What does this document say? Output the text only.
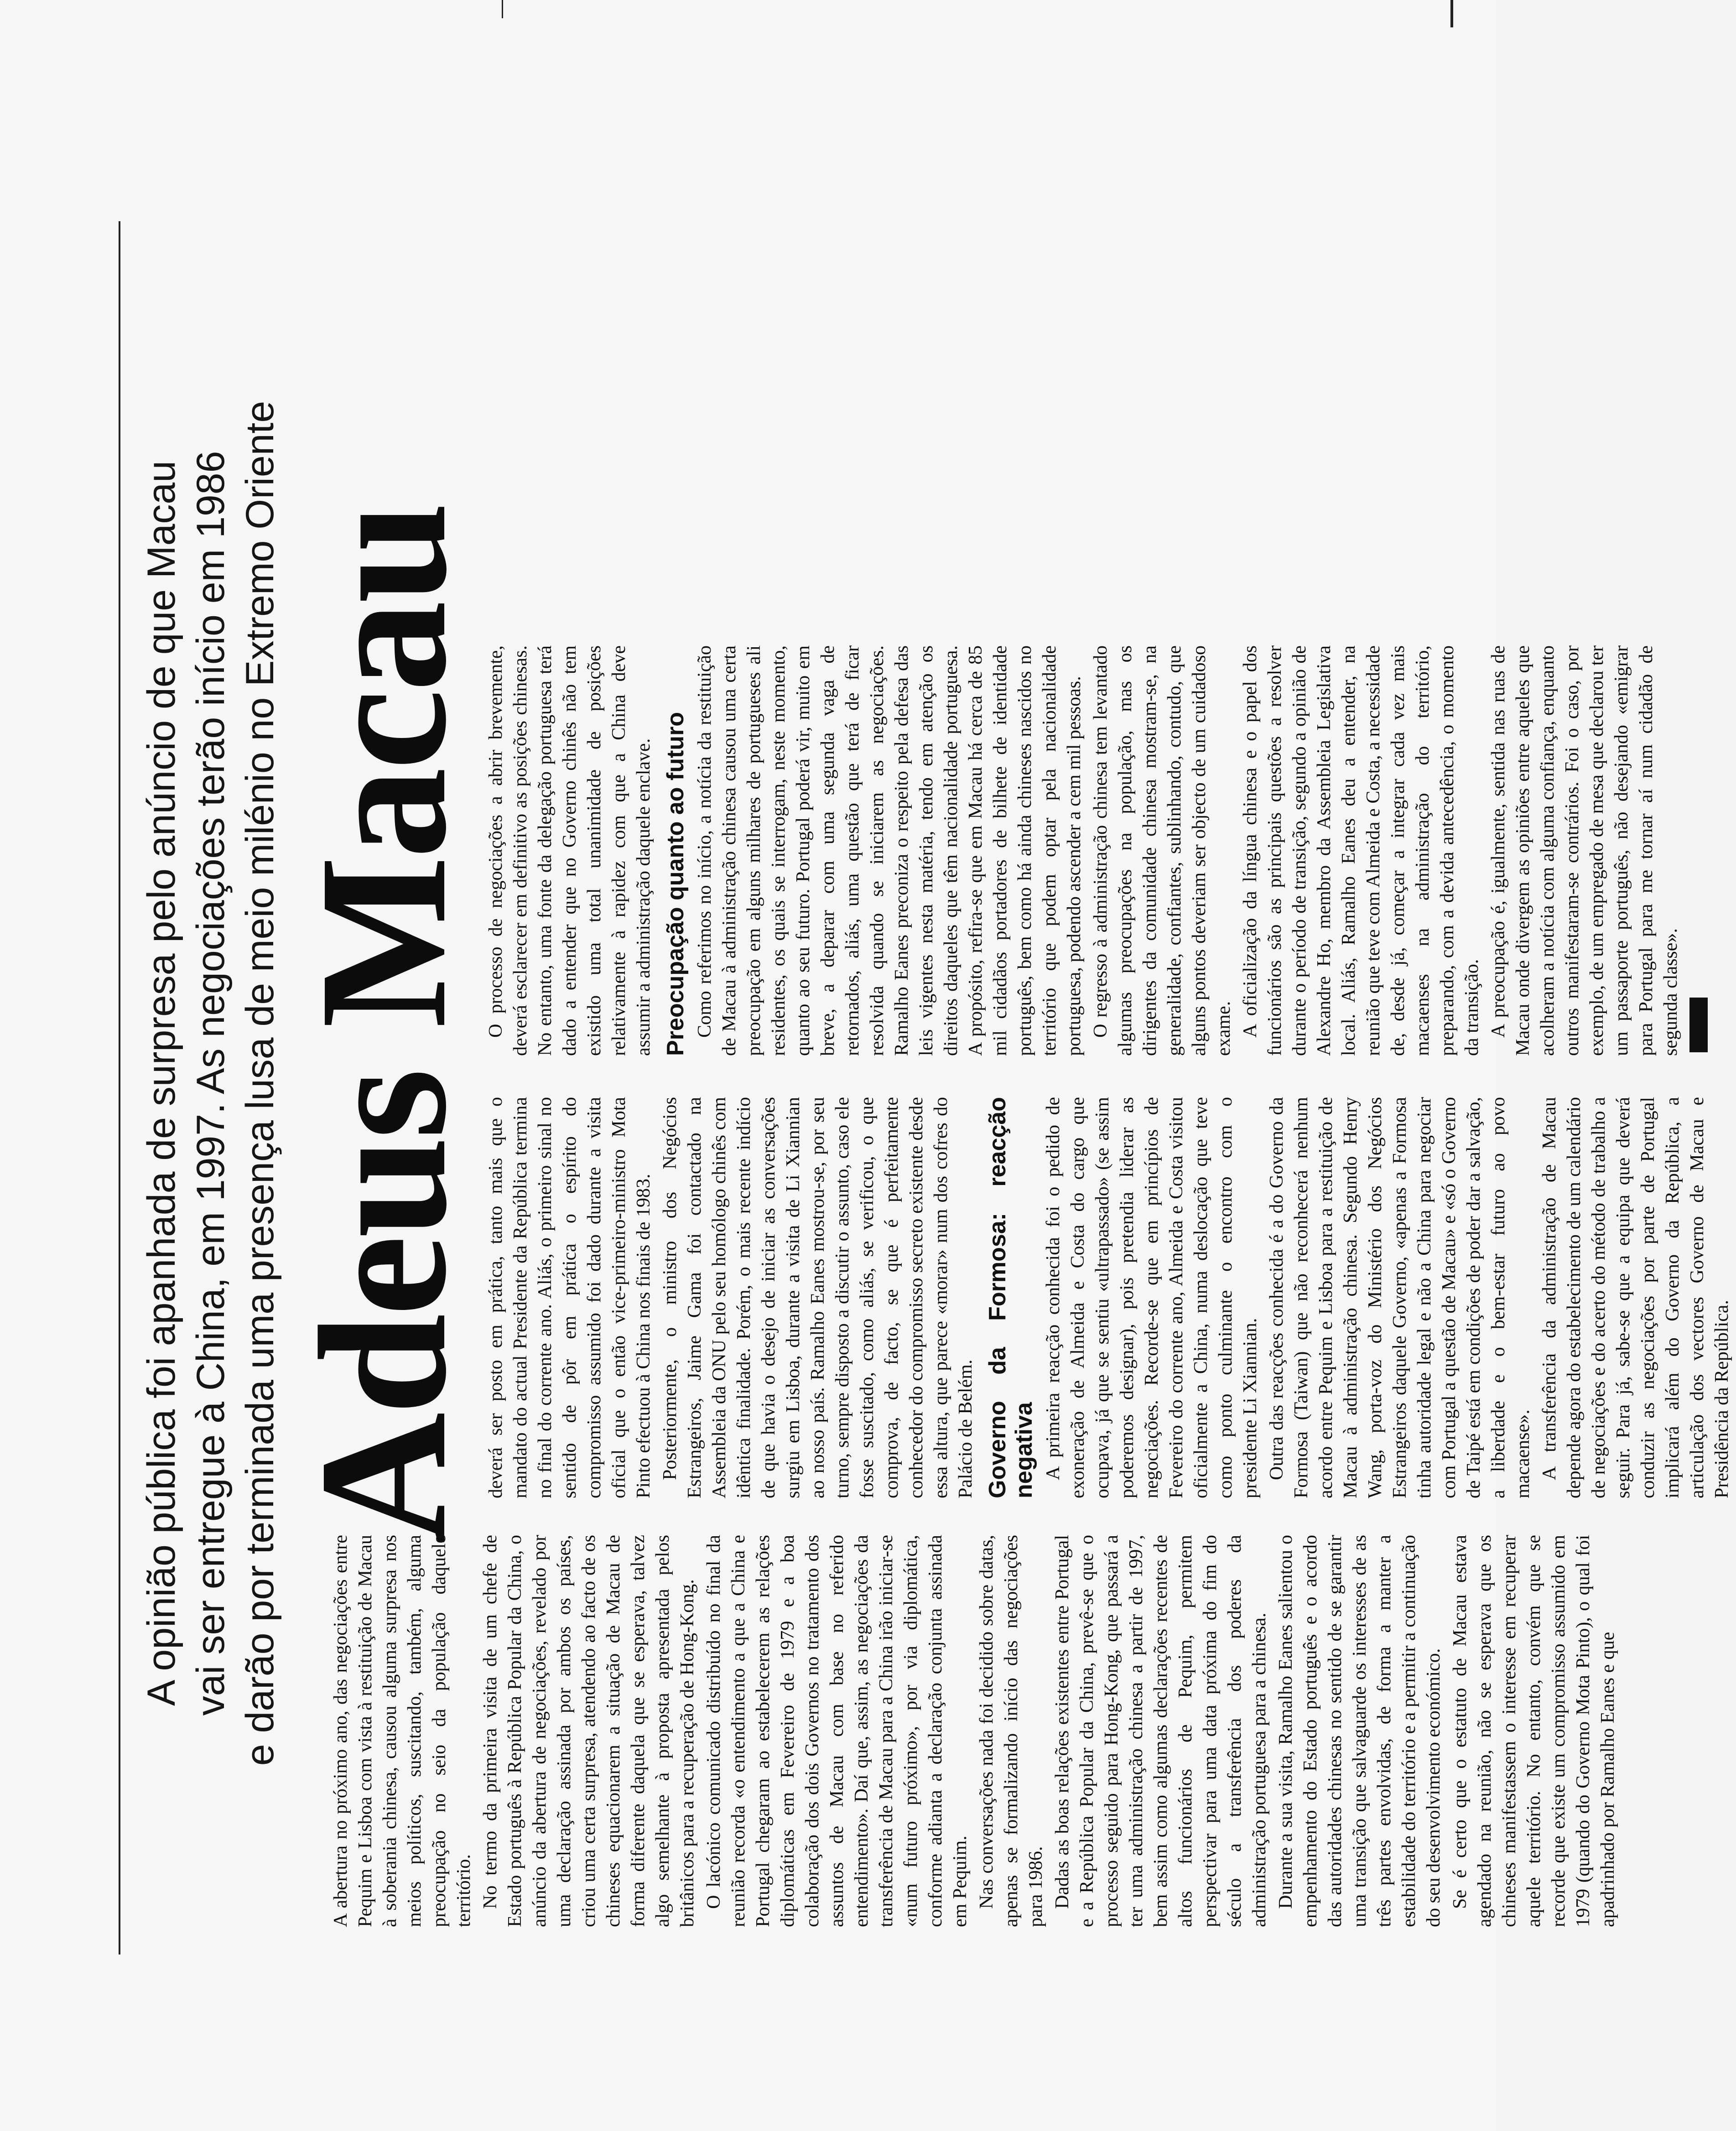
A opinião pública foi apanhada de surpresa pelo anúncio de que Macau vai ser entregue à China, em 1997. As negociações terão início em 1986 e darão por terminada uma presença lusa de meio milénio no Extremo Oriente Adeus Macau

A abertura no próximo ano, das negociações entre Pequim e Lisboa com vista à restituição de Macau à soberania chinesa, causou alguma surpresa nos meios políticos, suscitando, também, alguma preocupação no seio da população daquele território. No termo da primeira visita de um chefe de Estado português à República Popular da China, o anúncio da abertura de negociações, revelado por uma declaração assinada por ambos os países, criou uma certa surpresa, atendendo ao facto de os chineses equacionarem a situação de Macau de forma diferente daquela que se esperava, talvez algo semelhante à proposta apresentada pelos britânicos para a recuperação de Hong-Kong. O lacónico comunicado distribuído no final da reunião recorda «o entendimento a que a China e Portugal chegaram ao estabelecerem as relações diplomáticas em Fevereiro de 1979 e a boa colaboração dos dois Governos no tratamento dos assuntos de Macau com base no referido entendimento». Daí que, assim, as negociações da transferência de Macau para a China irão iniciar-se «num futuro próximo», por via diplomática, conforme adianta a declaração conjunta assinada em Pequim. Nas conversações nada foi decidido sobre datas, apenas se formalizando início das negociações para 1986. Dadas as boas relações existentes entre Portugal e a República Popular da China, prevê-se que o processo seguido para Hong-Kong, que passará a ter uma administração chinesa a partir de 1997, bem assim como algumas declarações recentes de altos funcionários de Pequim, permitem perspectivar para uma data próxima do fim do século a transferência dos poderes da administração portuguesa para a chinesa. Durante a sua visita, Ramalho Eanes salientou o empenhamento do Estado português e o acordo das autoridades chinesas no sentido de se garantir uma transição que salvaguarde os interesses de as três partes envolvidas, de forma a manter a estabilidade do território e a permitir a continuação do seu desenvolvimento económico. Se é certo que o estatuto de Macau estava agendado na reunião, não se esperava que os chineses manifestassem o interesse em recuperar aquele território. No entanto, convém que se recorde que existe um compromisso assumido em 1979 (quando do Governo Mota Pinto), o qual foi apadrinhado por Ramalho Eanes e que

deverá ser posto em prática, tanto mais que o mandato do actual Presidente da República termina no final do corrente ano. Aliás, o primeiro sinal no sentido de pôr em prática o espírito do compromisso assumido foi dado durante a visita oficial que o então vice-primeiro-ministro Mota Pinto efectuou à China nos finais de 1983. Posteriormente, o ministro dos Negócios Estrangeiros, Jaime Gama foi contactado na Assembleia da ONU pelo seu homólogo chinês com idêntica finalidade. Porém, o mais recente indício de que havia o desejo de iniciar as conversações surgiu em Lisboa, durante a visita de Li Xiannian ao nosso país. Ramalho Eanes mostrou-se, por seu turno, sempre disposto a discutir o assunto, caso ele fosse suscitado, como aliás, se verificou, o que comprova, de facto, se que é perfeitamente conhecedor do compromisso secreto existente desde essa altura, que parece «morar» num dos cofres do Palácio de Belém. Governo da Formosa: reacção negativa A primeira reacção conhecida foi o pedido de exoneração de Almeida e Costa do cargo que ocupava, já que se sentiu «ultrapassado» (se assim poderemos designar), pois pretendia liderar as negociações. Recorde-se que em princípios de Fevereiro do corrente ano, Almeida e Costa visitou oficialmente a China, numa deslocação que teve como ponto culminante o encontro com o presidente Li Xiannian. Outra das reacções conhecida é a do Governo da Formosa (Taiwan) que não reconhecerá nenhum acordo entre Pequim e Lisboa para a restituição de Macau à administração chinesa. Segundo Henry Wang, porta-voz do Ministério dos Negócios Estrangeiros daquele Governo, «apenas a Formosa tinha autoridade legal e não a China para negociar com Portugal a questão de Macau» e «só o Governo de Taipé está em condições de poder dar a salvação, a liberdade e o bem-estar futuro ao povo macaense». A transferência da administração de Macau depende agora do estabelecimento de um calendário de negociações e do acerto do método de trabalho a seguir. Para já, sabe-se que a equipa que deverá conduzir as negociações por parte de Portugal implicará além do Governo da República, a articulação dos vectores Governo de Macau e Presidência da República.

O processo de negociações a abrir brevemente, deverá esclarecer em definitivo as posições chinesas. No entanto, uma fonte da delegação portuguesa terá dado a entender que no Governo chinês não tem existido uma total unanimidade de posições relativamente à rapidez com que a China deve assumir a administração daquele enclave. Preocupação quanto ao futuro Como referimos no início, a notícia da restituição de Macau à administração chinesa causou uma certa preocupação em alguns milhares de portugueses ali residentes, os quais se interrogam, neste momento, quanto ao seu futuro. Portugal poderá vir, muito em breve, a deparar com uma segunda vaga de retornados, aliás, uma questão que terá de ficar resolvida quando se iniciarem as negociações. Ramalho Eanes preconiza o respeito pela defesa das leis vigentes nesta matéria, tendo em atenção os direitos daqueles que têm nacionalidade portuguesa. A propósito, refira-se que em Macau há cerca de 85 mil cidadãos portadores de bilhete de identidade português, bem como há ainda chineses nascidos no território que podem optar pela nacionalidade portuguesa, podendo ascender a cem mil pessoas. O regresso à administração chinesa tem levantado algumas preocupações na população, mas os dirigentes da comunidade chinesa mostram-se, na generalidade, confiantes, sublinhando, contudo, que alguns pontos deveriam ser objecto de um cuidadoso exame. A oficialização da língua chinesa e o papel dos funcionários são as principais questões a resolver durante o período de transição, segundo a opinião de Alexandre Ho, membro da Assembleia Legislativa local. Aliás, Ramalho Eanes deu a entender, na reunião que teve com Almeida e Costa, a necessidade de, desde já, começar a integrar cada vez mais macaenses na administração do território, preparando, com a devida antecedência, o momento da transição. A preocupação é, igualmente, sentida nas ruas de Macau onde divergem as opiniões entre aqueles que acolheram a notícia com alguma confiança, enquanto outros manifestaram-se contrários. Foi o caso, por exemplo, de um empregado de mesa que declarou ter um passaporte português, não desejando «emigrar para Portugal para me tornar aí num cidadão de segunda classe».
